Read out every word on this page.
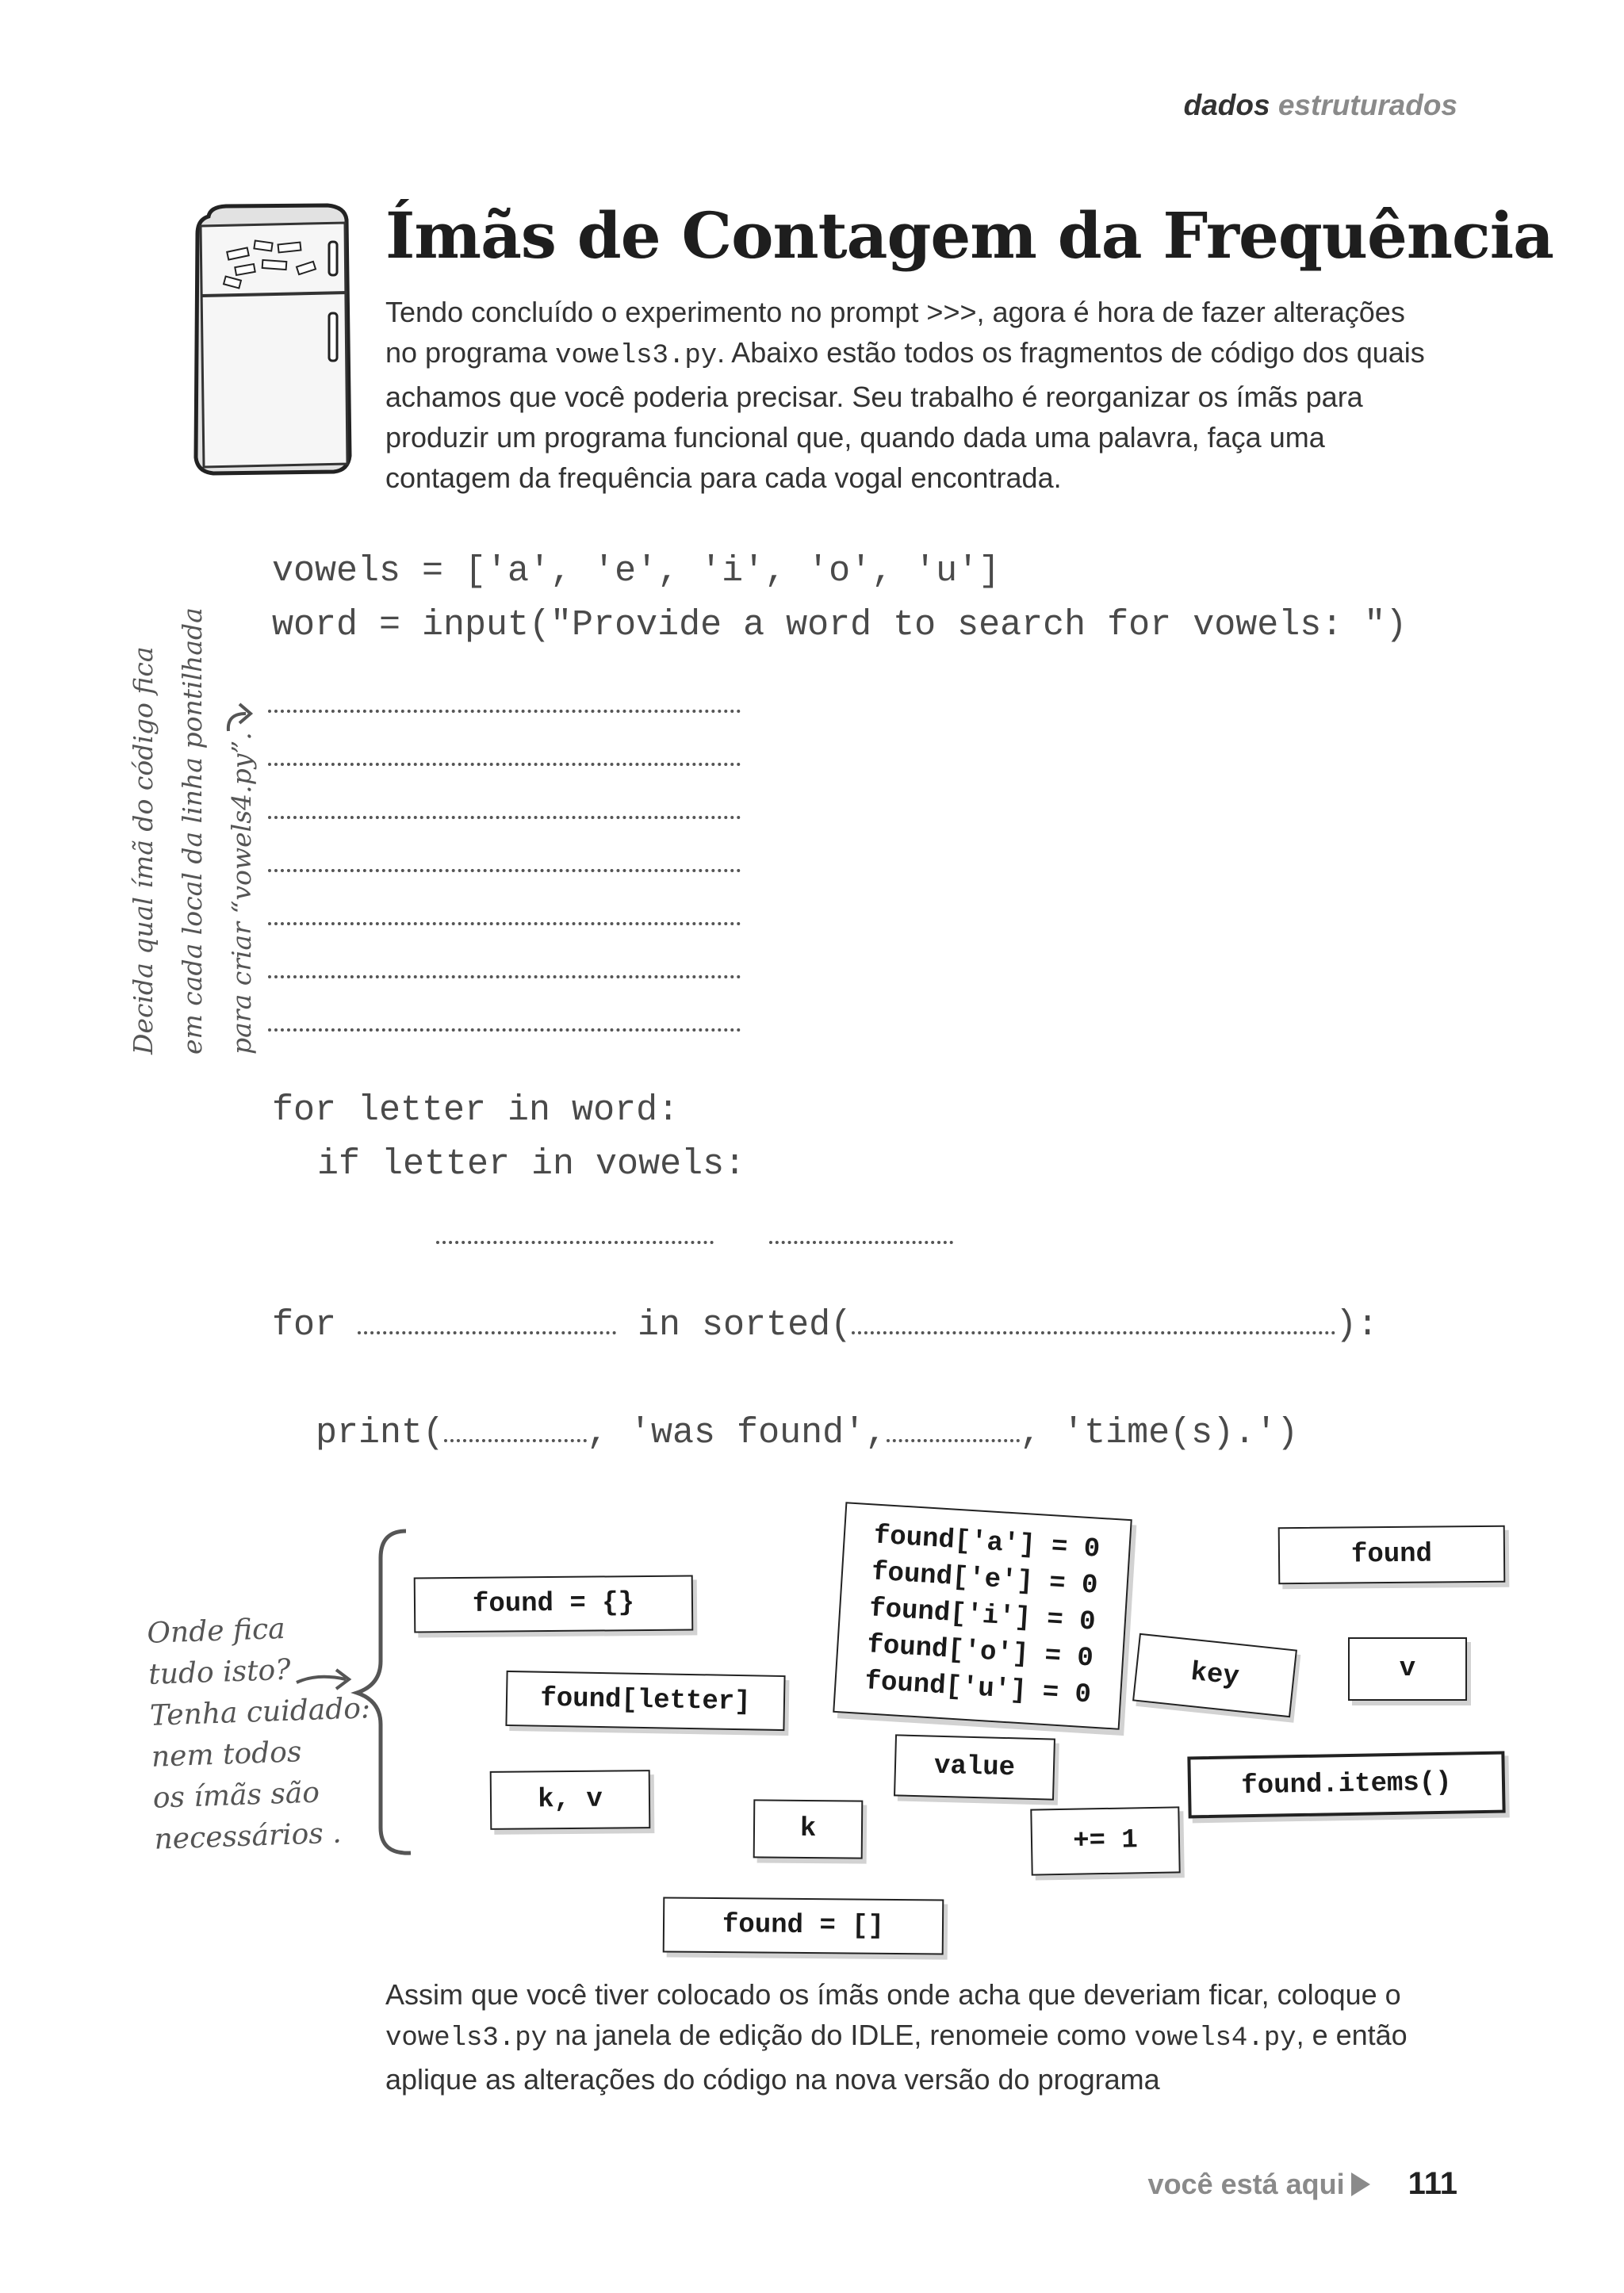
dados estruturados
Ímãs de Contagem da Frequência
Tendo concluído o experimento no prompt >>>, agora é hora de fazer alterações no programa vowels3.py. Abaixo estão todos os fragmentos de código dos quais achamos que você poderia precisar. Seu trabalho é reorganizar os ímãs para produzir um programa funcional que, quando dada uma palavra, faça uma contagem da frequência para cada vogal encontrada.
vowels = ['a', 'e', 'i', 'o', 'u']
word = input("Provide a word to search for vowels: ")
Decida qual ímã do código fica em cada local da linha pontilhada para criar “vowels4.py”.
for letter in word:
if letter in vowels:
for	in sorted(	):
print(	, 'was found',	, 'time(s).')
Onde fica
tudo isto?
Tenha cuidado:
nem todos
os ímãs são
necessários .
found = {}
found[letter]
k, v
k
found = []
value
+= 1
key
found
v
found.items()
found['a'] = 0
found['e'] = 0
found['i'] = 0
found['o'] = 0
found['u'] = 0
Assim que você tiver colocado os ímãs onde acha que deveriam ficar, coloque o vowels3.py na janela de edição do IDLE, renomeie como vowels4.py, e então aplique as alterações do código na nova versão do programa
você está aqui 111
